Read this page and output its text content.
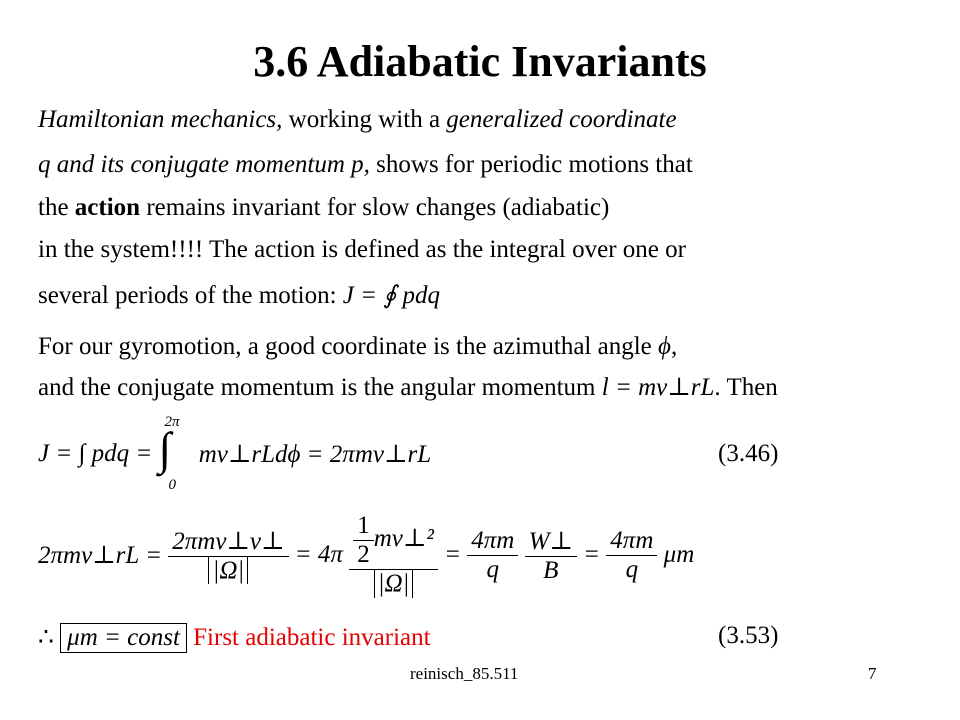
3.6 Adiabatic Invariants
Hamiltonian mechanics, working with a generalized coordinate
q and its conjugate momentum p, shows for periodic motions that
the action remains invariant for slow changes (adiabatic)
in the system!!!! The action is defined as the integral over one or
several periods of the motion: J = ∮ pdq
For our gyromotion, a good coordinate is the azimuthal angle ϕ,
and the conjugate momentum is the angular momentum l = mv⊥rL. Then
J = ∫ pdq =
2π
∫
0
mv⊥rLdϕ = 2πmv⊥rL	(3.46)
2πmv⊥rL = $\frac{\text{2πmv⊥v⊥}}{|\Omega|} = 4\pi \frac{\frac{1}{2} mv\perp^2}{|\Omega|} = \frac{4\pi m}{q}$
$\frac{W\perp}{B} = \frac{4\pi m}{q}$ μm
∴ μm = const First adiabatic invariant	(3.53)
reinisch_85.511	7
